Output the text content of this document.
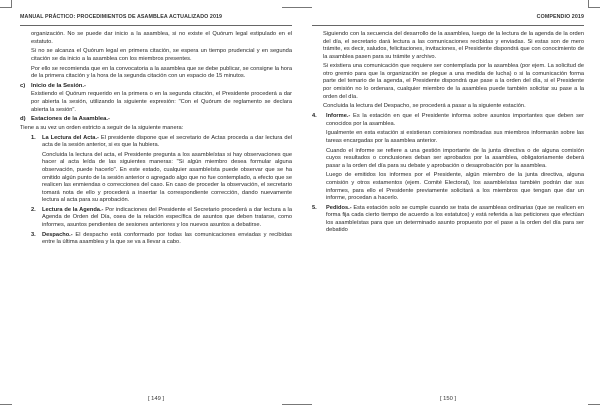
MANUAL PRÁCTICO: PROCEDIMIENTOS DE ASAMBLEA ACTUALIZADO 2019

organización. No se puede dar inicio a la asamblea, si no existe el Quórum legal estipulado en el estatuto.

Si no se alcanza el Quórum legal en primera citación, se espera un tiempo prudencial y en segunda citación se da inicio a la asamblea con los miembros presentes.

Por ello se recomienda que en la convocatoria a la asamblea que se debe publicar, se consigne la hora de la primera citación y la hora de la segunda citación con un espacio de 15 minutos.

c) Inicio de la Sesión.-

Existiendo el Quórum requerido en la primera o en la segunda citación, el Presidente procederá a dar por abierta la sesión, utilizando la siguiente expresión: "Con el Quórum de reglamento se declara abierta la sesión".

d) Estaciones de la Asamblea.-

Tiene a su vez un orden estricto a seguir de la siguiente manera:

1. La Lectura del Acta.- El presidente dispone que el secretario de Actas proceda a dar lectura del acta de la sesión anterior, si es que la hubiera.

Concluida la lectura del acta, el Presidente pregunta a los asambleístas si hay observaciones que hacer al acta leída de las siguientes maneras: "Si algún miembro desea formular alguna observación, puede hacerlo". En este estado, cualquier asambleísta puede observar que se ha omitido algún punto de la sesión anterior o agregado algo que no fue contemplado, a efecto que se realicen las enmiendas o correcciones del caso. En caso de proceder la observación, el secretario tomará nota de ello y procederá a insertar la correspondiente corrección, dando nuevamente lectura al acta para su aprobación.

2. Lectura de la Agenda.- Por indicaciones del Presidente el Secretario procederá a dar lectura a la Agenda de Orden del Día, osea de la relación específica de asuntos que deben tratarse, como informes, asuntos pendientes de sesiones anteriores y los nuevos asuntos a debatirse.

3. Despacho.- El despacho está conformado por todas las comunicaciones enviadas y recibidas entre la última asamblea y la que se va a llevar a cabo.

[ 149 ]
COMPENDIO 2019

Siguiendo con la secuencia del desarrollo de la asamblea, luego de la lectura de la agenda de la orden del día, el secretario dará lectura a las comunicaciones recibidas y enviadas. Si estas son de mero trámite, es decir, saludos, felicitaciones, invitaciones, el Presidente dispondrá que con conocimiento de la asamblea pasen para su trámite y archivo.

Si existiera una comunicación que requiere ser contemplada por la asamblea (por ejem. La solicitud de otro gremio para que la organización se plegue a una medida de lucha) o si la comunicación forma parte del temario de la agenda, el Presidente dispondrá que pase a la orden del día, si el Presidente por omisión no lo ordenara, cualquier miembro de la asamblea puede también solicitar su pase a la orden del día.

Concluida la lectura del Despacho, se procederá a pasar a la siguiente estación.

4. Informe.- Es la estación en que el Presidente informa sobre asuntos importantes que deben ser conocidos por la asamblea.

Igualmente en esta estación si existieran comisiones nombradas sus miembros informarán sobre las tareas encargadas por la asamblea anterior.

Cuando el informe se refiere a una gestión importante de la junta directiva o de alguna comisión cuyos resultados o conclusiones deban ser aprobados por la asamblea, obligatoriamente deberá pasar a la orden del día para su debate y aprobación o desaprobación por la asamblea.

Luego de emitidos los informes por el Presidente, algún miembro de la junta directiva, alguna comisión y otros estamentos (ejem. Comité Electoral), los asambleístas también podrán dar sus informes, para ello el Presidente previamente solicitará a los miembros que tengan que dar un informe, procedan a hacerlo.

5. Pedidos.- Esta estación solo se cumple cuando se trata de asambleas ordinarias (que se realicen en forma fija cada cierto tiempo de acuerdo a los estatutos) y está referida a las peticiones que efectúan los asambleístas para que un determinado asunto propuesto por el pase a la orden del día para ser debatido

[ 150 ]
